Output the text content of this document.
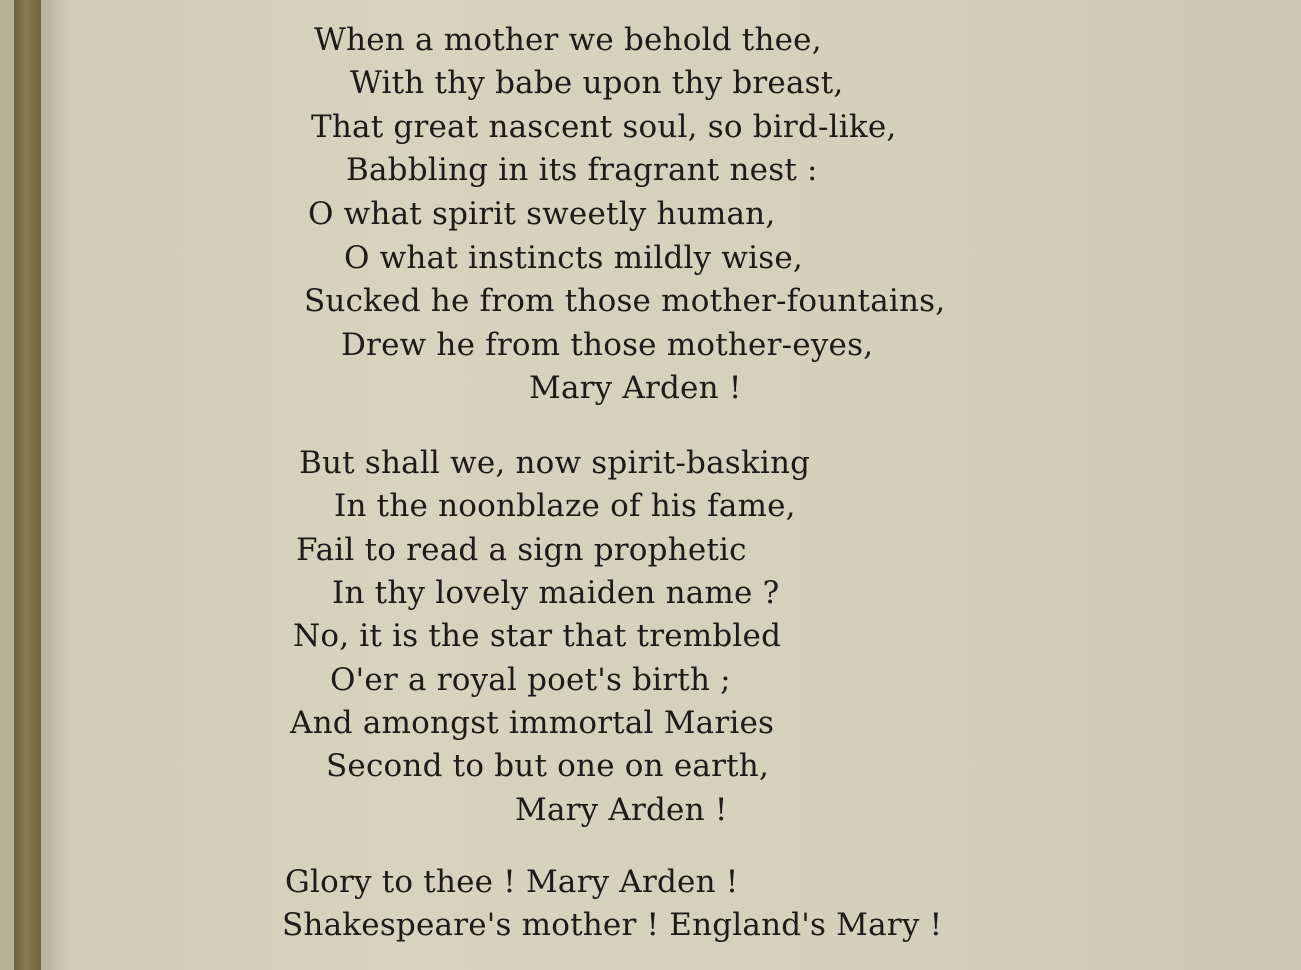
When a mother we behold thee,
With thy babe upon thy breast,
That great nascent soul, so bird-like,
Babbling in its fragrant nest :
O what spirit sweetly human,
O what instincts mildly wise,
Sucked he from those mother-fountains,
Drew he from those mother-eyes,
Mary Arden !
But shall we, now spirit-basking
In the noonblaze of his fame,
Fail to read a sign prophetic
In thy lovely maiden name ?
No, it is the star that trembled
O'er a royal poet's birth ;
And amongst immortal Maries
Second to but one on earth,
Mary Arden !
Glory to thee ! Mary Arden !
Shakespeare's mother ! England's Mary !
